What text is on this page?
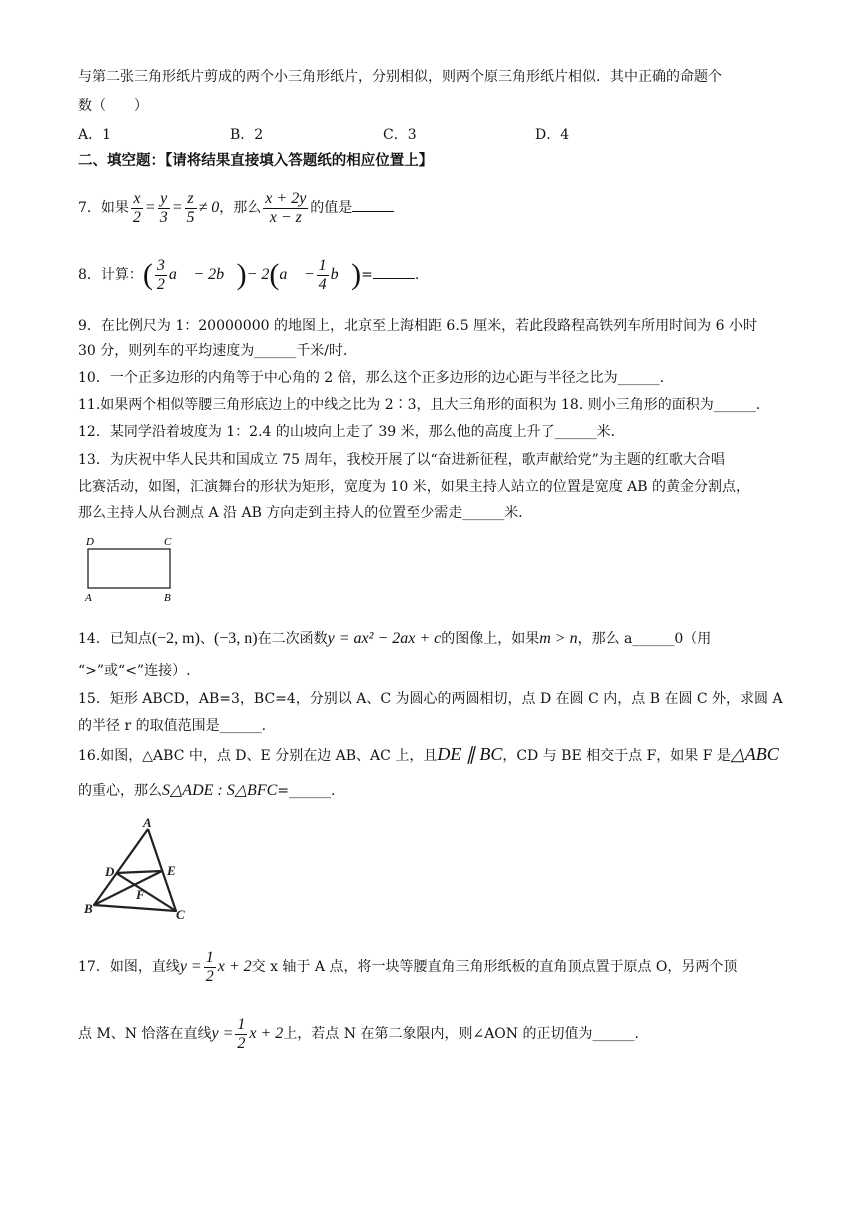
与第二张三角形纸片剪成的两个小三角形纸片，分别相似，则两个原三角形纸片相似．其中正确的命题个
数（　　）
A．1	B．2	C．3	D．4
二、填空题：【请将结果直接填入答题纸的相应位置上】
7．如果 $\frac{x}{2} = \frac{y}{3} = \frac{z}{5} \ne 0$，那么 $\frac{x + 2y}{x - z}$ 的值是
8．计算：( $\frac{3}{2}$ a⃗ − 2b⃗)− 2(a⃗ − $\frac{1}{4}$ b⃗)=	.
9．在比例尺为 1：20000000 的地图上，北京至上海相距 6.5 厘米，若此段路程高铁列车所用时间为 6 小时
30 分，则列车的平均速度为______千米/时．
10．一个正多边形的内角等于中心角的 2 倍，那么这个正多边形的边心距与半径之比为______.
11.如果两个相似等腰三角形底边上的中线之比为 2∶3，且大三角形的面积为 18. 则小三角形的面积为______.
12．某同学沿着坡度为 1：2.4 的山坡向上走了 39 米，那么他的高度上升了______米．
13．为庆祝中华人民共和国成立 75 周年，我校开展了以“奋进新征程，歌声献给党”为主题的红歌大合唱
比赛活动，如图，汇演舞台的形状为矩形，宽度为 10 米，如果主持人站立的位置是宽度 AB 的黄金分割点，
那么主持人从台测点 A 沿 AB 方向走到主持人的位置至少需走______米．
D	C
A	B
14．已知点(−2, m)、(−3, n)在二次函数y = ax² − 2ax + c的图像上，如果m > n，那么 a______0（用
“>”或“<”连接）.
15．矩形 ABCD，AB=3，BC=4，分别以 A、C 为圆心的两圆相切，点 D 在圆 C 内，点 B 在圆 C 外，求圆 A
的半径 r 的取值范围是______.
16.如图，△ABC 中，点 D、E 分别在边 AB、AC 上，且DE ∥ BC，CD 与 BE 相交于点 F，如果 F 是△ABC
的重心，那么S△ADE : S△BFC=______.
A
D	E
F
B	C
17．如图，直线$y = \frac{1}{2}$ x + 2交 x 轴于 A 点，将一块等腰直角三角形纸板的直角顶点置于原点 O，另两个顶
点 M、N 恰落在直线$y = \frac{1}{2}$ x + 2上，若点 N 在第二象限内，则∠AON 的正切值为______.
